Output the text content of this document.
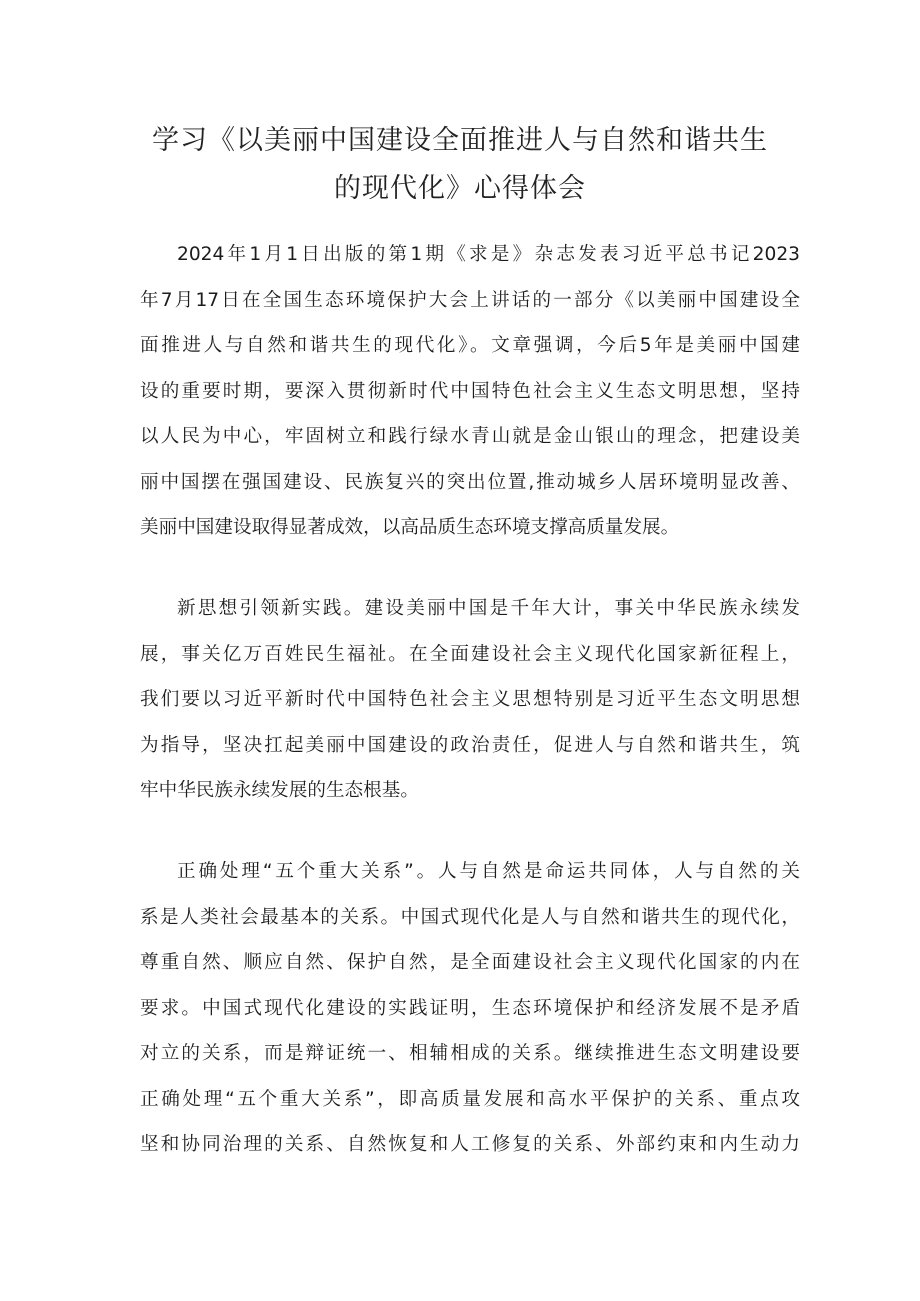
学习《以美丽中国建设全面推进人与自然和谐共生
的现代化》心得体会
2024年1月1日出版的第1期《求是》杂志发表习近平总书记2023
年7月17日在全国生态环境保护大会上讲话的一部分《以美丽中国建设全
面推进人与自然和谐共生的现代化》。文章强调，今后5年是美丽中国建
设的重要时期，要深入贯彻新时代中国特色社会主义生态文明思想，坚持
以人民为中心，牢固树立和践行绿水青山就是金山银山的理念，把建设美
丽中国摆在强国建设、民族复兴的突出位置,推动城乡人居环境明显改善、
美丽中国建设取得显著成效，以高品质生态环境支撑高质量发展。
新思想引领新实践。建设美丽中国是千年大计，事关中华民族永续发
展，事关亿万百姓民生福祉。在全面建设社会主义现代化国家新征程上，
我们要以习近平新时代中国特色社会主义思想特别是习近平生态文明思想
为指导，坚决扛起美丽中国建设的政治责任，促进人与自然和谐共生，筑
牢中华民族永续发展的生态根基。
正确处理“五个重大关系”。人与自然是命运共同体，人与自然的关
系是人类社会最基本的关系。中国式现代化是人与自然和谐共生的现代化，
尊重自然、顺应自然、保护自然，是全面建设社会主义现代化国家的内在
要求。中国式现代化建设的实践证明，生态环境保护和经济发展不是矛盾
对立的关系，而是辩证统一、相辅相成的关系。继续推进生态文明建设要
正确处理“五个重大关系”，即高质量发展和高水平保护的关系、重点攻
坚和协同治理的关系、自然恢复和人工修复的关系、外部约束和内生动力
